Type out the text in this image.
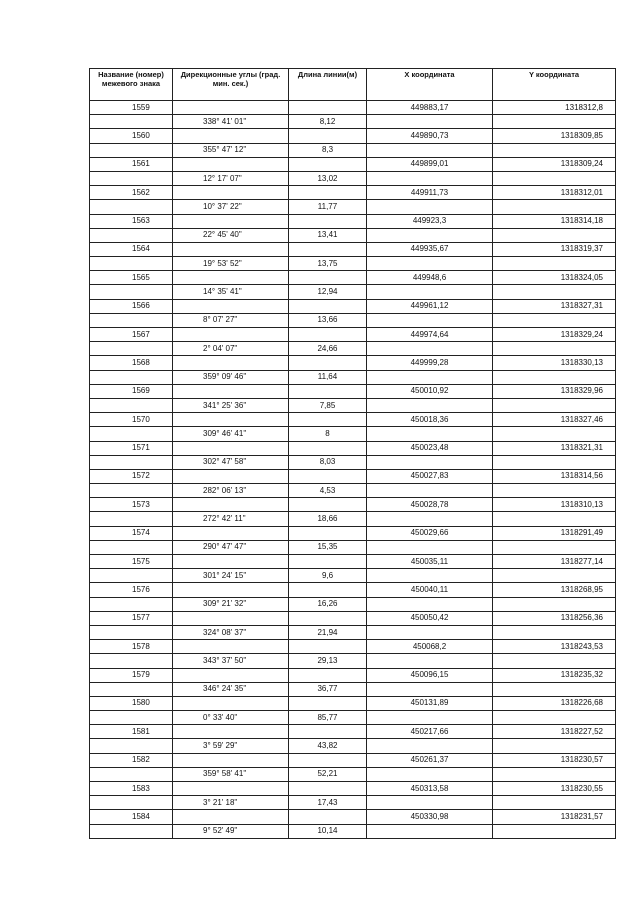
Название (номер) межевого знака	Дирекционные углы (град. мин. сек.)	Длина линии(м)	X координата	Y координата
1559			449883,17	1318312,8
	338° 41' 01"	8,12		
1560			449890,73	1318309,85
	355° 47' 12"	8,3		
1561			449899,01	1318309,24
	12° 17' 07"	13,02		
1562			449911,73	1318312,01
	10° 37' 22"	11,77		
1563			449923,3	1318314,18
	22° 45' 40"	13,41		
1564			449935,67	1318319,37
	19° 53' 52"	13,75		
1565			449948,6	1318324,05
	14° 35' 41"	12,94		
1566			449961,12	1318327,31
	8° 07' 27"	13,66		
1567			449974,64	1318329,24
	2° 04' 07"	24,66		
1568			449999,28	1318330,13
	359° 09' 46"	11,64		
1569			450010,92	1318329,96
	341° 25' 36"	7,85		
1570			450018,36	1318327,46
	309° 46' 41"	8		
1571			450023,48	1318321,31
	302° 47' 58"	8,03		
1572			450027,83	1318314,56
	282° 06' 13"	4,53		
1573			450028,78	1318310,13
	272° 42' 11"	18,66		
1574			450029,66	1318291,49
	290° 47' 47"	15,35		
1575			450035,11	1318277,14
	301° 24' 15"	9,6		
1576			450040,11	1318268,95
	309° 21' 32"	16,26		
1577			450050,42	1318256,36
	324° 08' 37"	21,94		
1578			450068,2	1318243,53
	343° 37' 50"	29,13		
1579			450096,15	1318235,32
	346° 24' 35"	36,77		
1580			450131,89	1318226,68
	0° 33' 40"	85,77		
1581			450217,66	1318227,52
	3° 59' 29"	43,82		
1582			450261,37	1318230,57
	359° 58' 41"	52,21		
1583			450313,58	1318230,55
	3° 21' 18"	17,43		
1584			450330,98	1318231,57
	9° 52' 49"	10,14		
